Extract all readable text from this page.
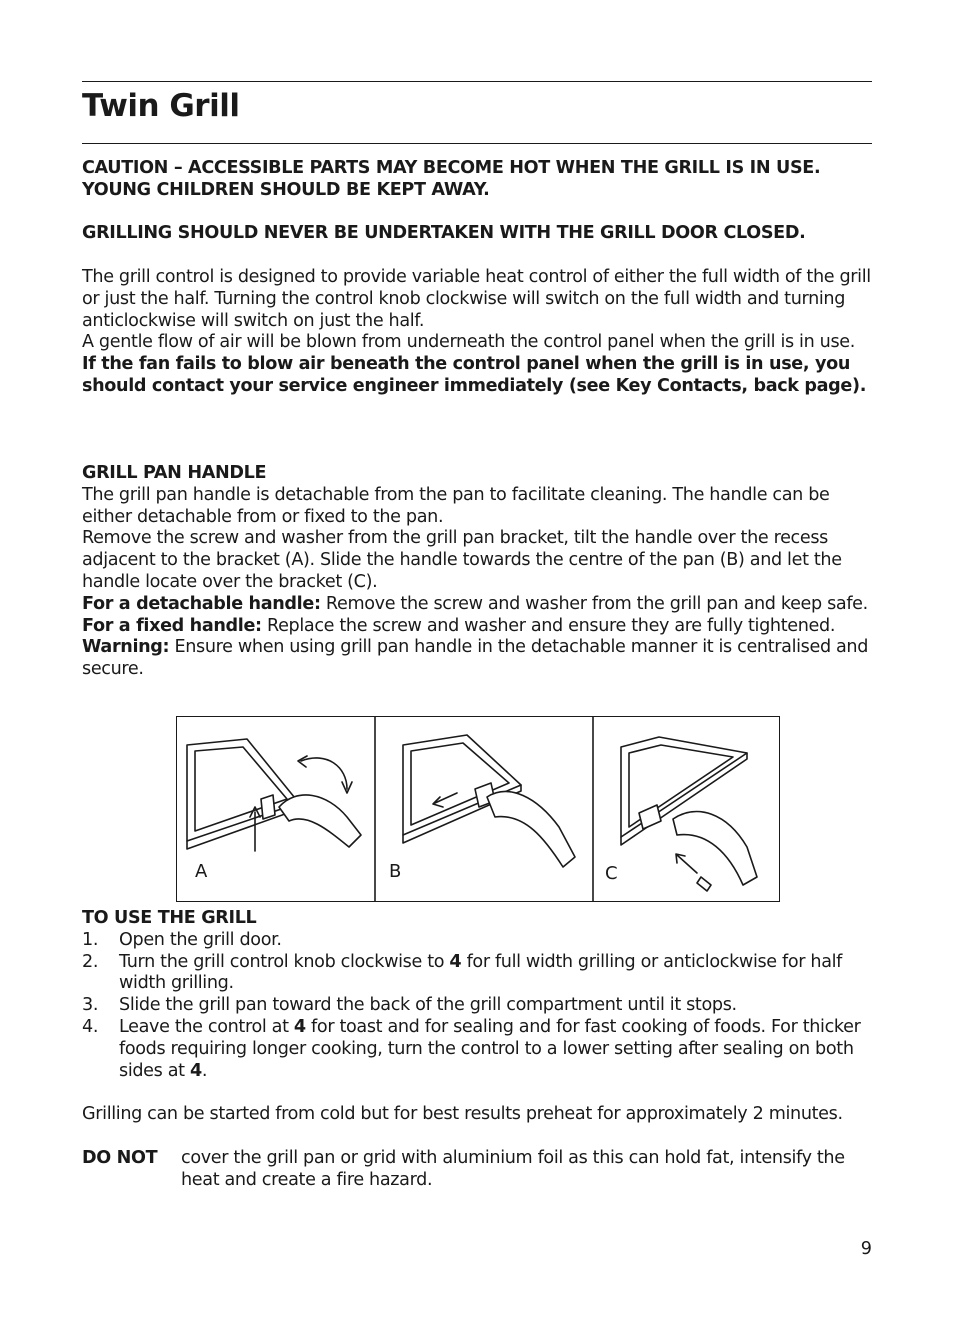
Twin Grill

CAUTION – ACCESSIBLE PARTS MAY BECOME HOT WHEN THE GRILL IS IN USE.

YOUNG CHILDREN SHOULD BE KEPT AWAY.

GRILLING SHOULD NEVER BE UNDERTAKEN WITH THE GRILL DOOR CLOSED.

The grill control is designed to provide variable heat control of either the full width of the grill or just the half. Turning the control knob clockwise will switch on the full width and turning anticlockwise will switch on just the half.

A gentle flow of air will be blown from underneath the control panel when the grill is in use.

If the fan fails to blow air beneath the control panel when the grill is in use, you should contact your service engineer immediately (see Key Contacts, back page).

GRILL PAN HANDLE

The grill pan handle is detachable from the pan to facilitate cleaning. The handle can be either detachable from or fixed to the pan.

Remove the screw and washer from the grill pan bracket, tilt the handle over the recess adjacent to the bracket (A). Slide the handle towards the centre of the pan (B) and let the handle locate over the bracket (C).

For a detachable handle: Remove the screw and washer from the grill pan and keep safe.

For a fixed handle: Replace the screw and washer and ensure they are fully tightened.

Warning: Ensure when using grill pan handle in the detachable manner it is centralised and secure.

A	B	C

TO USE THE GRILL

1. Open the grill door.
2. Turn the grill control knob clockwise to 4 for full width grilling or anticlockwise for half width grilling.
3. Slide the grill pan toward the back of the grill compartment until it stops.
4. Leave the control at 4 for toast and for sealing and for fast cooking of foods. For thicker foods requiring longer cooking, turn the control to a lower setting after sealing on both sides at 4.

Grilling can be started from cold but for best results preheat for approximately 2 minutes.

DO NOT cover the grill pan or grid with aluminium foil as this can hold fat, intensify the heat and create a fire hazard.
9
